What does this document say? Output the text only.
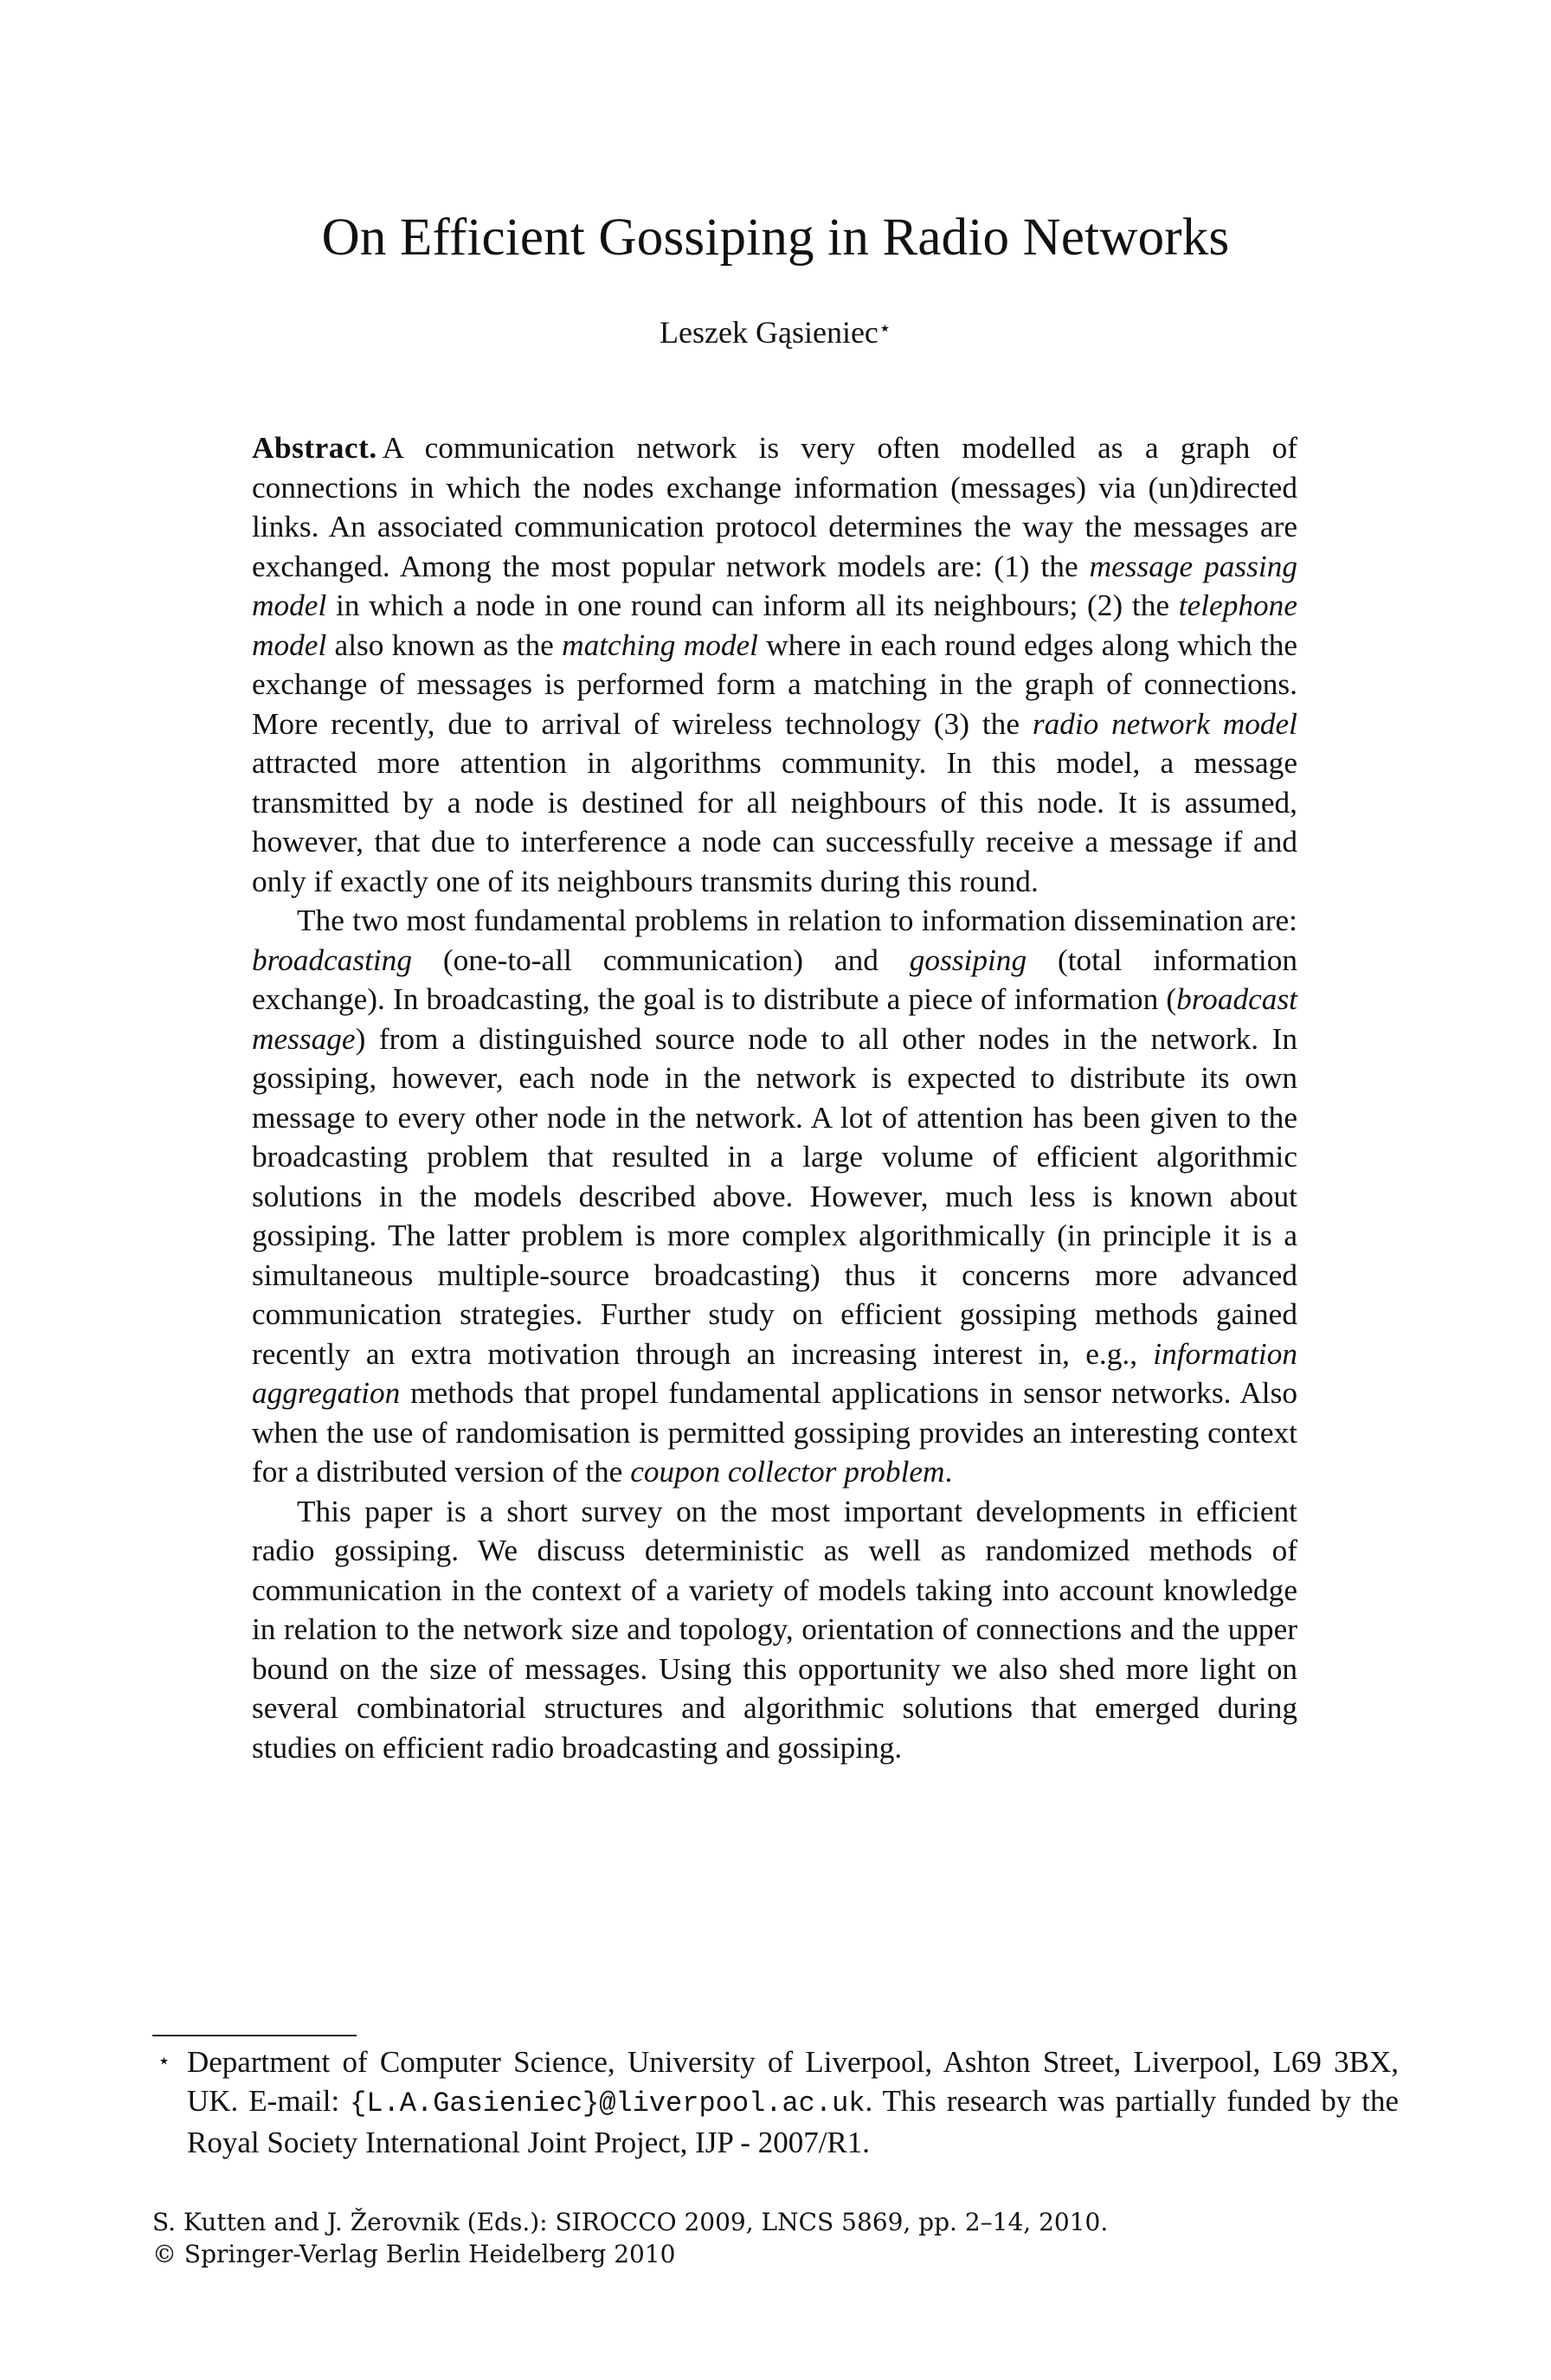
On Efficient Gossiping in Radio Networks
Leszek Gąsieniec⋆

Abstract. A communication network is very often modelled as a graph of connections in which the nodes exchange information (messages) via (un)directed links. An associated communication protocol determines the way the messages are exchanged. Among the most popular network models are: (1) the message passing model in which a node in one round can inform all its neighbours; (2) the telephone model also known as the matching model where in each round edges along which the exchange of messages is performed form a matching in the graph of connections. More recently, due to arrival of wireless technology (3) the radio network model attracted more attention in algorithms community. In this model, a message transmitted by a node is destined for all neighbours of this node. It is assumed, however, that due to interference a node can successfully receive a message if and only if exactly one of its neighbours transmits during this round.

The two most fundamental problems in relation to information dissemination are: broadcasting (one-to-all communication) and gossiping (total information exchange). In broadcasting, the goal is to distribute a piece of information (broadcast message) from a distinguished source node to all other nodes in the network. In gossiping, however, each node in the network is expected to distribute its own message to every other node in the network. A lot of attention has been given to the broadcasting problem that resulted in a large volume of efficient algorithmic solutions in the models described above. However, much less is known about gossiping. The latter problem is more complex algorithmically (in principle it is a simultaneous multiple-source broadcasting) thus it concerns more advanced communication strategies. Further study on efficient gossiping methods gained recently an extra motivation through an increasing interest in, e.g., information aggregation methods that propel fundamental applications in sensor networks. Also when the use of randomisation is permitted gossiping provides an interesting context for a distributed version of the coupon collector problem.

This paper is a short survey on the most important developments in efficient radio gossiping. We discuss deterministic as well as randomized methods of communication in the context of a variety of models taking into account knowledge in relation to the network size and topology, orientation of connections and the upper bound on the size of messages. Using this opportunity we also shed more light on several combinatorial structures and algorithmic solutions that emerged during studies on efficient radio broadcasting and gossiping.

⋆ Department of Computer Science, University of Liverpool, Ashton Street, Liverpool, L69 3BX, UK. E-mail: {L.A.Gasieniec}@liverpool.ac.uk. This research was partially funded by the Royal Society International Joint Project, IJP - 2007/R1.
S. Kutten and J. Žerovnik (Eds.): SIROCCO 2009, LNCS 5869, pp. 2–14, 2010.
© Springer-Verlag Berlin Heidelberg 2010
